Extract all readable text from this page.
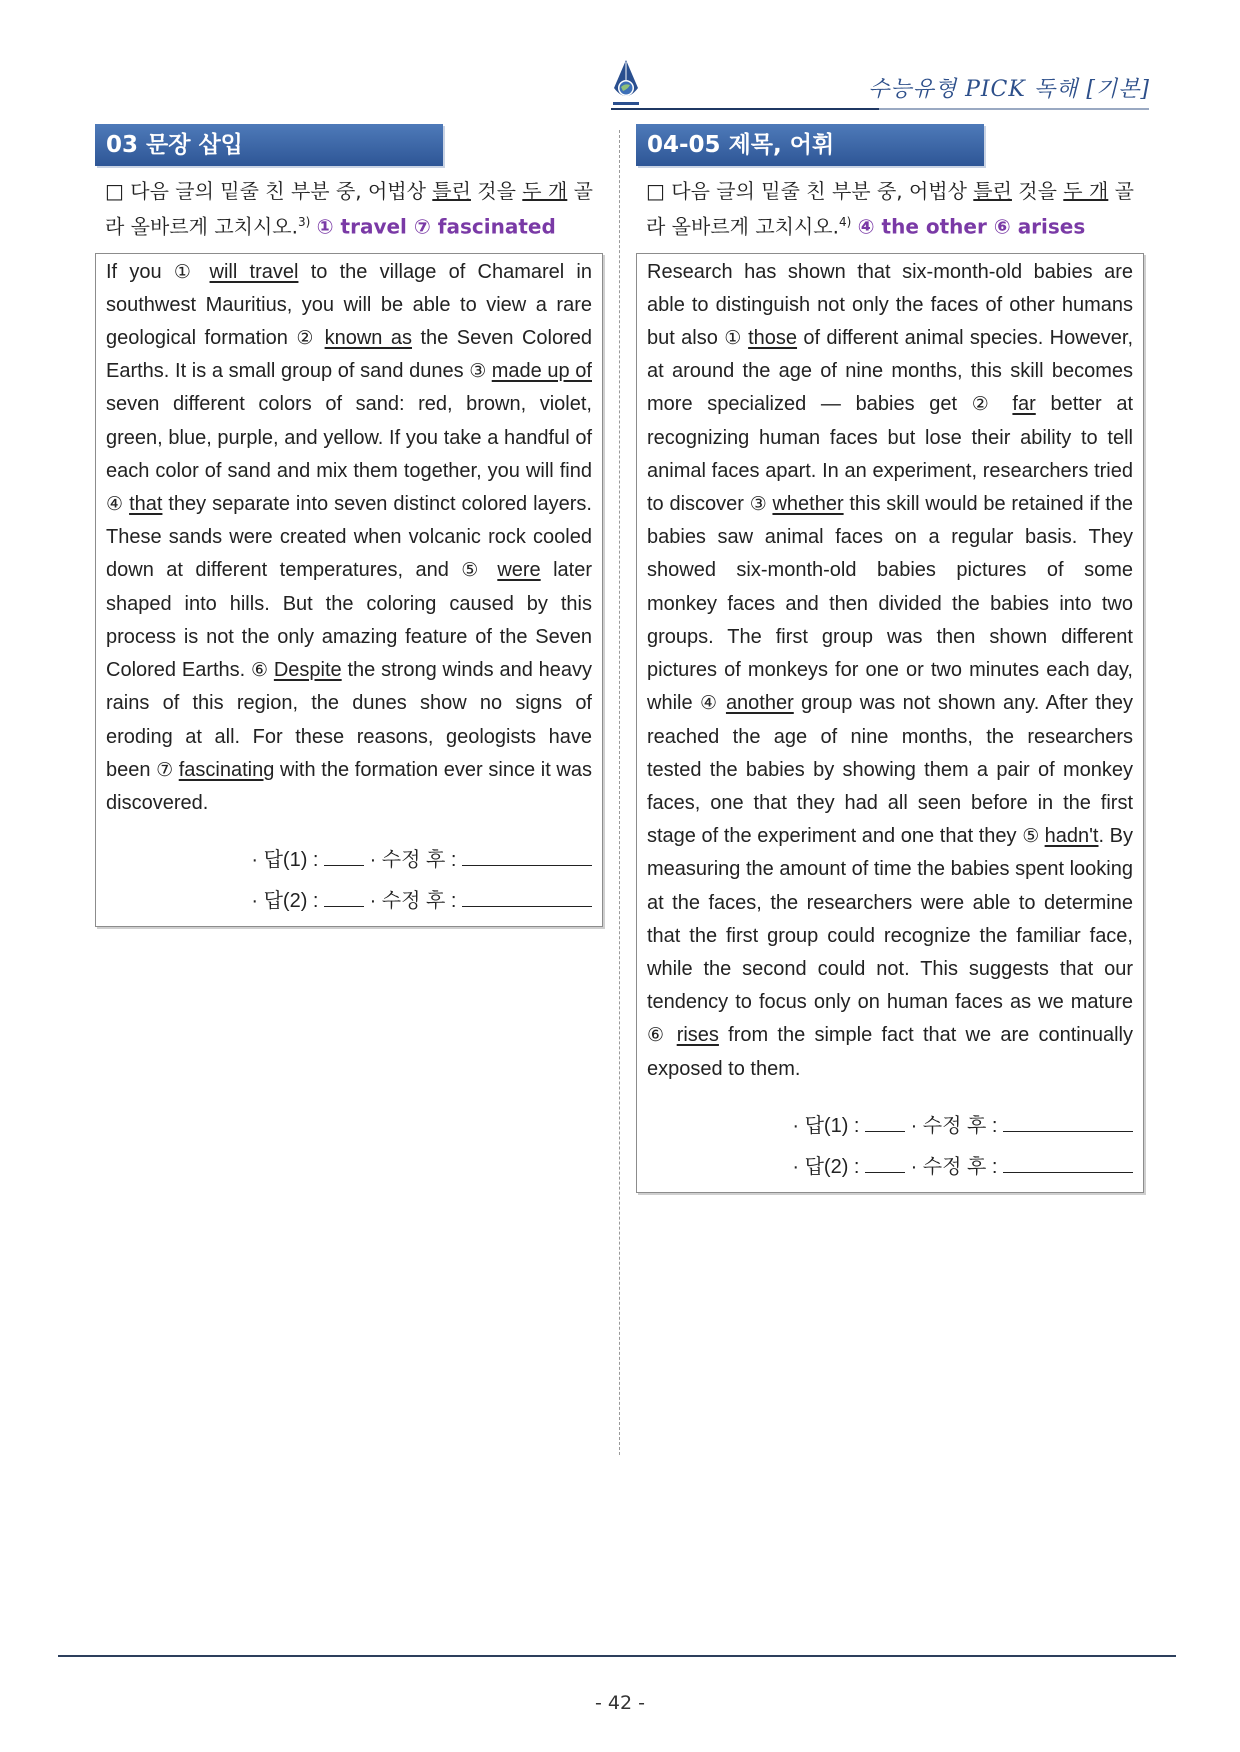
수능유형 PICK 독해 [기본]
03 문장 삽입
□ 다음 글의 밑줄 친 부분 중, 어법상 틀린 것을 두 개 골라 올바르게 고치시오.$^{3)}$ ① travel ⑦ fascinated
If you ① will travel to the village of Chamarel in southwest Mauritius, you will be able to view a rare geological formation ② known as the Seven Colored Earths. It is a small group of sand dunes ③ made up of seven different colors of sand: red, brown, violet, green, blue, purple, and yellow. If you take a handful of each color of sand and mix them together, you will find ④ that they separate into seven distinct colored layers. These sands were created when volcanic rock cooled down at different temperatures, and ⑤ were later shaped into hills. But the coloring caused by this process is not the only amazing feature of the Seven Colored Earths. ⑥ Despite the strong winds and heavy rains of this region, the dunes show no signs of eroding at all. For these reasons, geologists have been ⑦ fascinating with the formation ever since it was discovered.
· 답(1) :  · 수정 후 :
· 답(2) :  · 수정 후 :
04-05 제목, 어휘
□ 다음 글의 밑줄 친 부분 중, 어법상 틀린 것을 두 개 골라 올바르게 고치시오.$^{4)}$ ④ the other ⑥ arises
Research has shown that six-month-old babies are able to distinguish not only the faces of other humans but also ① those of different animal species. However, at around the age of nine months, this skill becomes more specialized — babies get ② far better at recognizing human faces but lose their ability to tell animal faces apart. In an experiment, researchers tried to discover ③ whether this skill would be retained if the babies saw animal faces on a regular basis. They showed six-month-old babies pictures of some monkey faces and then divided the babies into two groups. The first group was then shown different pictures of monkeys for one or two minutes each day, while ④ another group was not shown any. After they reached the age of nine months, the researchers tested the babies by showing them a pair of monkey faces, one that they had all seen before in the first stage of the experiment and one that they ⑤ hadn't. By measuring the amount of time the babies spent looking at the faces, the researchers were able to determine that the first group could recognize the familiar face, while the second could not. This suggests that our tendency to focus only on human faces as we mature ⑥ rises from the simple fact that we are continually exposed to them.
· 답(1) :  · 수정 후 :
· 답(2) :  · 수정 후 :
- 42 -
